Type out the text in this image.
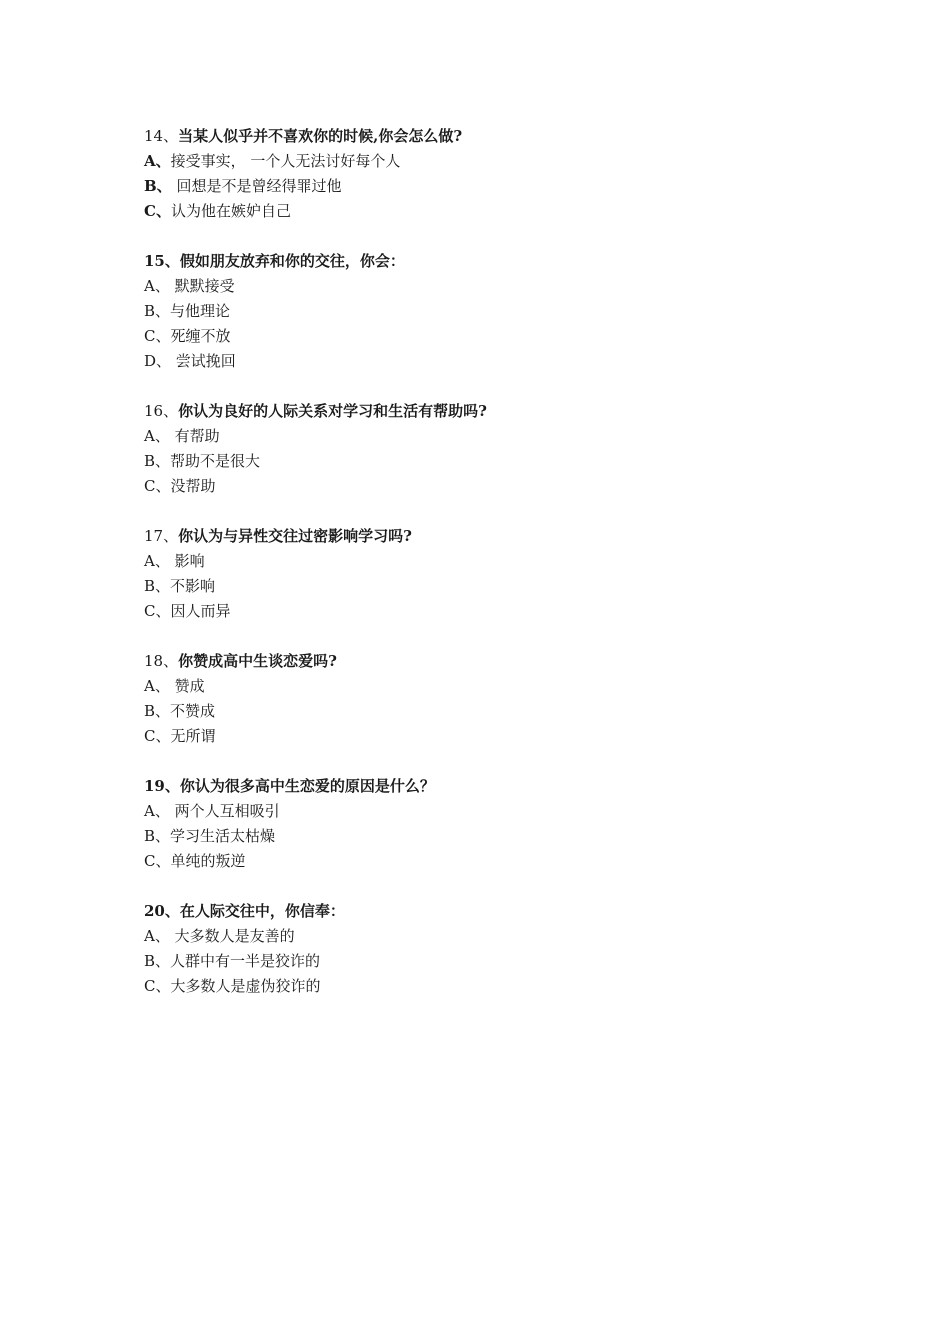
14、当某人似乎并不喜欢你的时候,你会怎么做?
A、接受事实， 一个人无法讨好每个人
B、 回想是不是曾经得罪过他
C、认为他在嫉妒自己
15、假如朋友放弃和你的交往，你会：
A、 默默接受
B、与他理论
C、死缠不放
D、 尝试挽回
16、你认为良好的人际关系对学习和生活有帮助吗?
A、 有帮助
B、帮助不是很大
C、没帮助
17、你认为与异性交往过密影响学习吗?
A、 影响
B、不影响
C、因人而异
18、你赞成高中生谈恋爱吗?
A、 赞成
B、不赞成
C、无所谓
19、你认为很多高中生恋爱的原因是什么？
A、 两个人互相吸引
B、学习生活太枯燥
C、单纯的叛逆
20、在人际交往中，你信奉：
A、 大多数人是友善的
B、人群中有一半是狡诈的
C、大多数人是虚伪狡诈的
